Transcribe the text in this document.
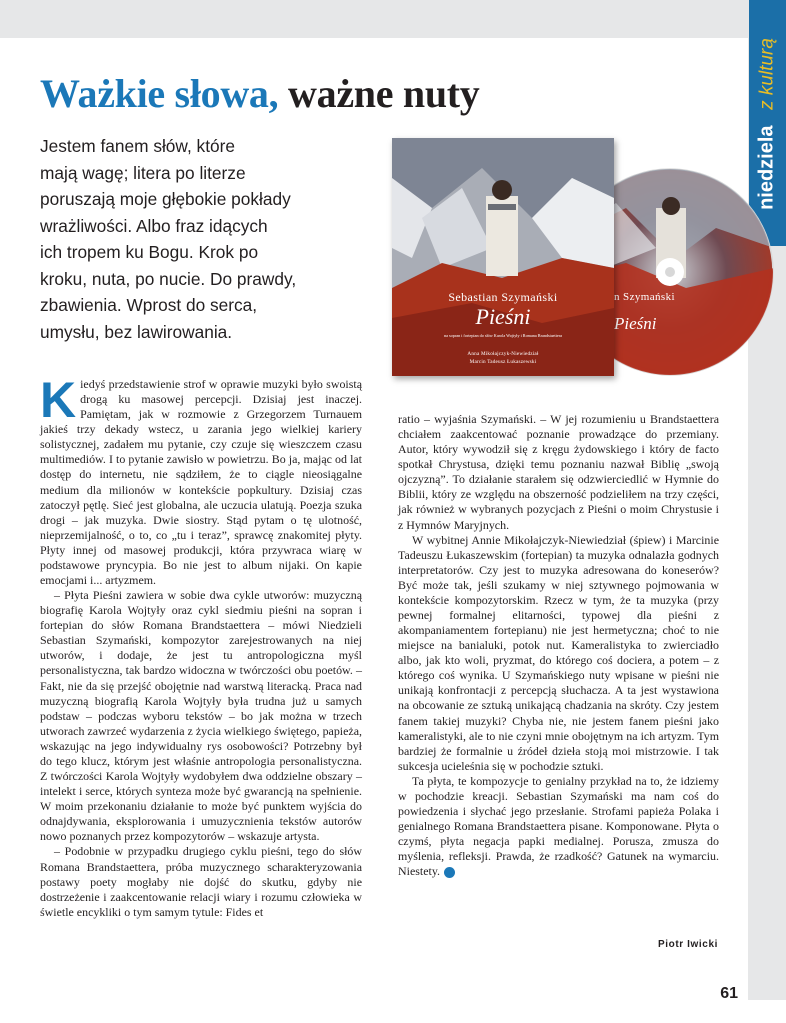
niedziela z kulturą
Ważkie słowa, ważne nuty
Jestem fanem słów, które
mają wagę; litera po literze
poruszają moje głębokie pokłady
wrażliwości. Albo fraz idących
ich tropem ku Bogu. Krok po
kroku, nuta, po nucie. Do prawdy,
zbawienia. Wprost do serca,
umysłu, bez lawirowania.
n Szymański
Pieśni
Sebastian Szymański
Pieśni
na sopran i fortepian do słów Karola Wojtyły i Romana Brandstaettera
Anna Mikołajczyk-Niewiedział
Marcin Tadeusz Łukaszewski

Kiedyś przedstawienie strof w oprawie muzyki było swoistą drogą ku masowej percepcji. Dzisiaj jest inaczej. Pamiętam, jak w rozmowie z Grzegorzem Turnauem jakieś trzy dekady wstecz, u zarania jego wielkiej kariery solistycznej, zadałem mu pytanie, czy czuje się wieszczem czasu multimediów. I to pytanie zawisło w powietrzu. Bo ja, mając od lat dostęp do internetu, nie sądziłem, że to ciągle nieosiągalne medium dla milionów w kontekście popkultury. Dzisiaj czas zatoczył pętlę. Sieć jest globalna, ale uczucia ulatują. Poezja szuka drogi – jak muzyka. Dwie siostry. Stąd pytam o tę ulotność, nieprzemijalność, o to, co „tu i teraz”, sprawcę znakomitej płyty. Płyty innej od masowej produkcji, która przywraca wiarę w podstawowe pryncypia. Bo nie jest to album nijaki. On kapie emocjami i... artyzmem.

– Płyta Pieśni zawiera w sobie dwa cykle utworów: muzyczną biografię Karola Wojtyły oraz cykl siedmiu pieśni na sopran i fortepian do słów Romana Brandstaettera – mówi Niedzieli Sebastian Szymański, kompozytor zarejestrowanych na niej utworów, i dodaje, że jest tu antropologiczna myśl personalistyczna, tak bardzo widoczna w twórczości obu poetów. – Fakt, nie da się przejść obojętnie nad warstwą literacką. Praca nad muzyczną biografią Karola Wojtyły była trudna już u samych podstaw – podczas wyboru tekstów – bo jak można w trzech utworach zawrzeć wydarzenia z życia wielkiego świętego, papieża, wskazując na jego indywidualny rys osobowości? Potrzebny był do tego klucz, którym jest właśnie antropologia personalistyczna. Z twórczości Karola Wojtyły wydobyłem dwa oddzielne obszary – intelekt i serce, których synteza może być gwarancją na spełnienie. W moim przekonaniu działanie to może być punktem wyjścia do odnajdywania, eksplorowania i umuzycznienia tekstów autorów nowo poznanych przez kompozytorów – wskazuje artysta.

– Podobnie w przypadku drugiego cyklu pieśni, tego do słów Romana Brandstaettera, próba muzycznego scharakteryzowania postawy poety mogłaby nie dojść do skutku, gdyby nie dostrzeżenie i zaakcentowanie relacji wiary i rozumu człowieka w świetle encykliki o tym samym tytule: Fides et

ratio – wyjaśnia Szymański. – W jej rozumieniu u Brandstaettera chciałem zaakcentować poznanie prowadzące do przemiany. Autor, który wywodził się z kręgu żydowskiego i który de facto spotkał Chrystusa, dzięki temu poznaniu nazwał Biblię „swoją ojczyzną”. To działanie starałem się odzwierciedlić w Hymnie do Biblii, który ze względu na obszerność podzieliłem na trzy części, jak również w wybranych pozycjach z Pieśni o moim Chrystusie i z Hymnów Maryjnych.

W wybitnej Annie Mikołajczyk-Niewiedział (śpiew) i Marcinie Tadeuszu Łukaszewskim (fortepian) ta muzyka odnalazła godnych interpretatorów. Czy jest to muzyka adresowana do koneserów? Być może tak, jeśli szukamy w niej sztywnego pojmowania w kontekście kompozytorskim. Rzecz w tym, że ta muzyka (przy pewnej formalnej elitarności, typowej dla pieśni z akompaniamentem fortepianu) nie jest hermetyczna; choć to nie miejsce na banialuki, potok nut. Kameralistyka to zwierciadło albo, jak kto woli, pryzmat, do którego coś dociera, a potem – z którego coś wynika. U Szymańskiego nuty wpisane w pieśni nie unikają konfrontacji z percepcją słuchacza. A ta jest wystawiona na obcowanie ze sztuką unikającą chadzania na skróty. Czy jestem fanem takiej muzyki? Chyba nie, nie jestem fanem pieśni jako kameralistyki, ale to nie czyni mnie obojętnym na ich artyzm. Tym bardziej że formalnie u źródeł dzieła stoją moi mistrzowie. I tak sukcesja ucieleśnia się w pochodzie sztuki.

Ta płyta, te kompozycje to genialny przykład na to, że idziemy w pochodzie kreacji. Sebastian Szymański ma nam coś do powiedzenia i słychać jego przesłanie. Strofami papieża Polaka i genialnego Romana Brandstaettera pisane. Komponowane. Płyta o czymś, płyta negacja papki medialnej. Porusza, zmusza do myślenia, refleksji. Prawda, że rzadkość? Gatunek na wymarciu. Niestety. n

Piotr Iwicki
61
